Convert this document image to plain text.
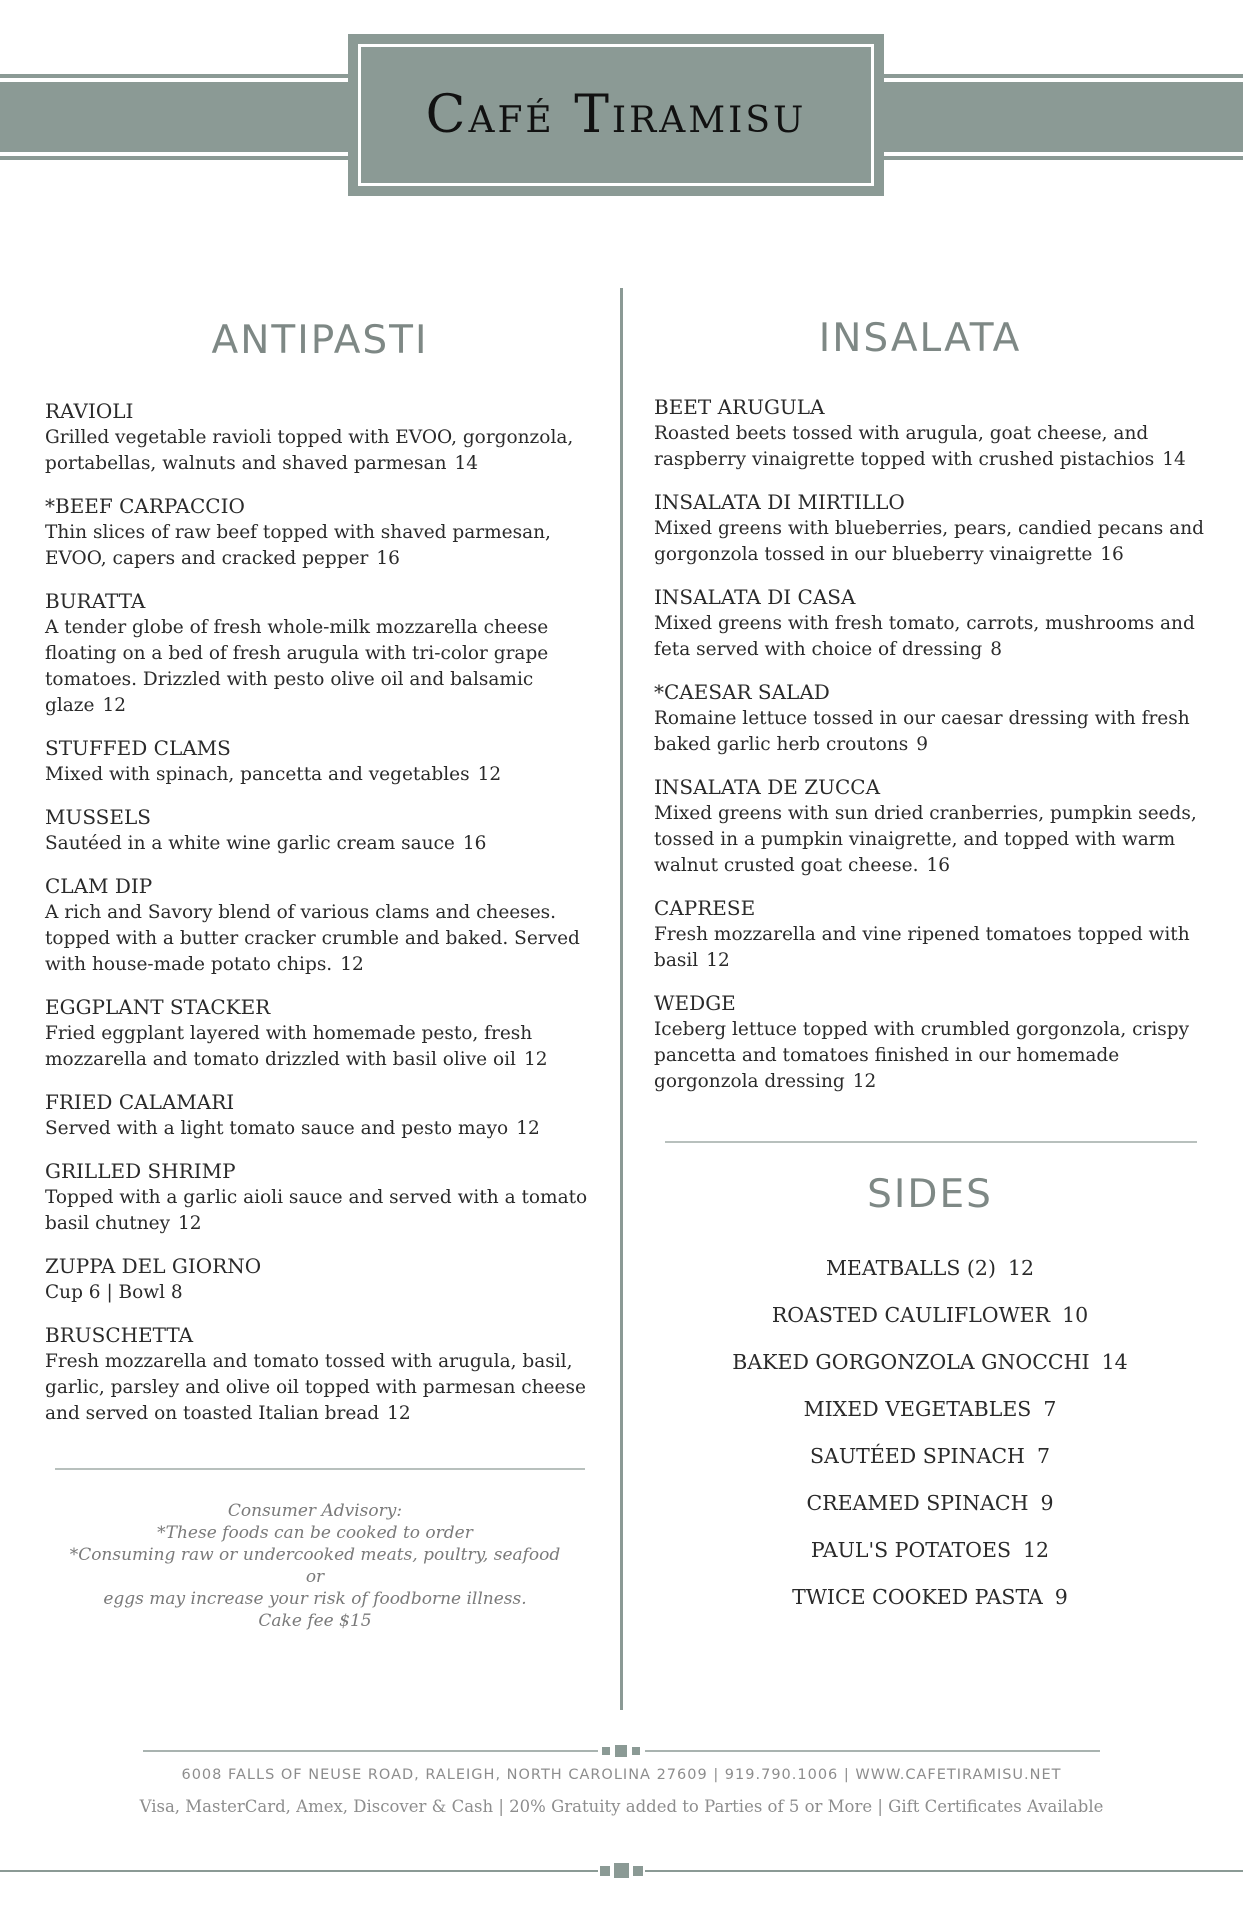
Café Tiramisu
ANTIPASTI
RAVIOLI
Grilled vegetable ravioli topped with EVOO, gorgonzola, portabellas, walnuts and shaved parmesan 14
*BEEF CARPACCIO
Thin slices of raw beef topped with shaved parmesan, EVOO, capers and cracked pepper 16
BURATTA
A tender globe of fresh whole-milk mozzarella cheese floating on a bed of fresh arugula with tri-color grape tomatoes. Drizzled with pesto olive oil and balsamic glaze 12
STUFFED CLAMS
Mixed with spinach, pancetta and vegetables 12
MUSSELS
Sautéed in a white wine garlic cream sauce 16
CLAM DIP
A rich and Savory blend of various clams and cheeses. topped with a butter cracker crumble and baked. Served with house-made potato chips. 12
EGGPLANT STACKER
Fried eggplant layered with homemade pesto, fresh mozzarella and tomato drizzled with basil olive oil 12
FRIED CALAMARI
Served with a light tomato sauce and pesto mayo 12
GRILLED SHRIMP
Topped with a garlic aioli sauce and served with a tomato basil chutney 12
ZUPPA DEL GIORNO
Cup 6 | Bowl 8
BRUSCHETTA
Fresh mozzarella and tomato tossed with arugula, basil, garlic, parsley and olive oil topped with parmesan cheese and served on toasted Italian bread 12
Consumer Advisory:
*These foods can be cooked to order
*Consuming raw or undercooked meats, poultry, seafood or
eggs may increase your risk of foodborne illness.
Cake fee $15
INSALATA
BEET ARUGULA
Roasted beets tossed with arugula, goat cheese, and raspberry vinaigrette topped with crushed pistachios 14
INSALATA DI MIRTILLO
Mixed greens with blueberries, pears, candied pecans and gorgonzola tossed in our blueberry vinaigrette 16
INSALATA DI CASA
Mixed greens with fresh tomato, carrots, mushrooms and feta served with choice of dressing 8
*CAESAR SALAD
Romaine lettuce tossed in our caesar dressing with fresh baked garlic herb croutons 9
INSALATA DE ZUCCA
Mixed greens with sun dried cranberries, pumpkin seeds, tossed in a pumpkin vinaigrette, and topped with warm walnut crusted goat cheese. 16
CAPRESE
Fresh mozzarella and vine ripened tomatoes topped with basil 12
WEDGE
Iceberg lettuce topped with crumbled gorgonzola, crispy pancetta and tomatoes finished in our homemade gorgonzola dressing 12
SIDES
MEATBALLS (2) 12
ROASTED CAULIFLOWER 10
BAKED GORGONZOLA GNOCCHI 14
MIXED VEGETABLES 7
SAUTÉED SPINACH 7
CREAMED SPINACH 9
PAUL'S POTATOES 12
TWICE COOKED PASTA 9
6008 FALLS OF NEUSE ROAD, RALEIGH, NORTH CAROLINA 27609 | 919.790.1006 | WWW.CAFETIRAMISU.NET
Visa, MasterCard, Amex, Discover & Cash | 20% Gratuity added to Parties of 5 or More | Gift Certificates Available
